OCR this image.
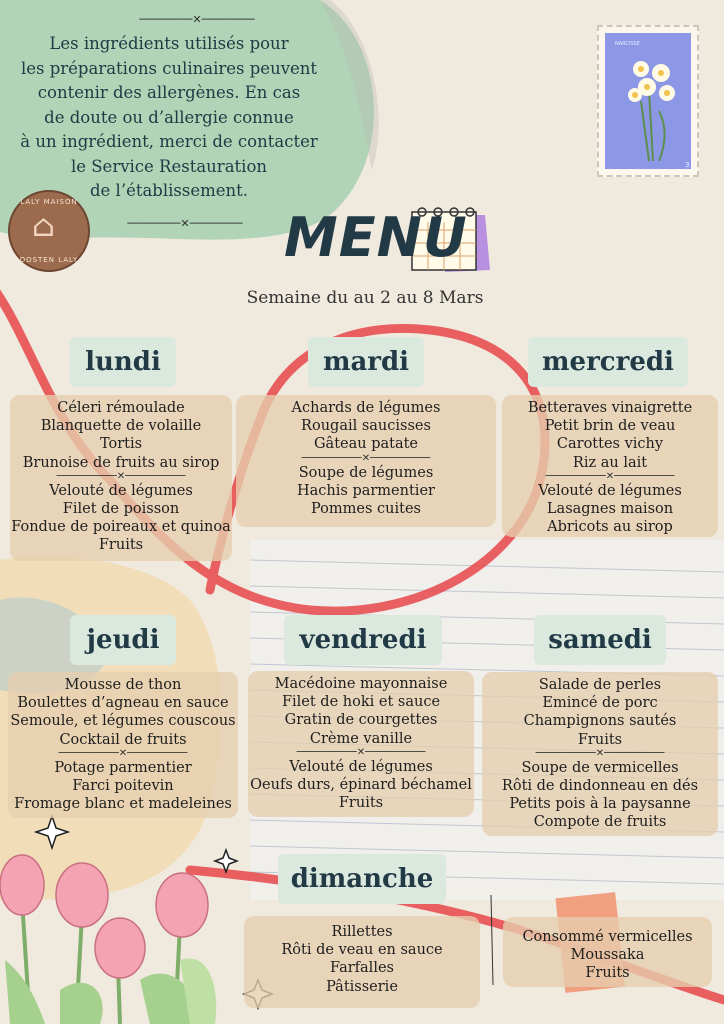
────────✕────────
Les ingrédients utilisés pour
les préparations culinaires peuvent
contenir des allergènes. En cas
de doute ou d’allergie connue
à un ingrédient, merci de contacter
le Service Restauration
de l’établissement.
────────✕────────
LALY MAISON
⌂
DOSTEN LALY
NARCISSE
3
MENU
Semaine du au 2 au 8 Mars
lundi	mardi	mercredi
jeudi	vendredi	samedi
dimanche
Céleri rémoulade
Blanquette de volaille
Tortis
Brunoise de fruits au sirop
──────────✕──────────
Velouté de légumes
Filet de poisson
Fondue de poireaux et quinoa
Fruits
Achards de légumes
Rougail saucisses
Gâteau patate
──────────✕──────────
Soupe de légumes
Hachis parmentier
Pommes cuites
Betteraves vinaigrette
Petit brin de veau
Carottes vichy
Riz au lait
──────────✕──────────
Velouté de légumes
Lasagnes maison
Abricots au sirop
Mousse de thon
Boulettes d’agneau en sauce
Semoule, et légumes couscous
Cocktail de fruits
──────────✕──────────
Potage parmentier
Farci poitevin
Fromage blanc et madeleines
Macédoine mayonnaise
Filet de hoki et sauce
Gratin de courgettes
Crème vanille
──────────✕──────────
Velouté de légumes
Oeufs durs, épinard béchamel
Fruits
Salade de perles
Emincé de porc
Champignons sautés
Fruits
──────────✕──────────
Soupe de vermicelles
Rôti de dindonneau en dés
Petits pois à la paysanne
Compote de fruits
Rillettes
Rôti de veau en sauce
Farfalles
Pâtisserie
Consommé vermicelles
Moussaka
Fruits
